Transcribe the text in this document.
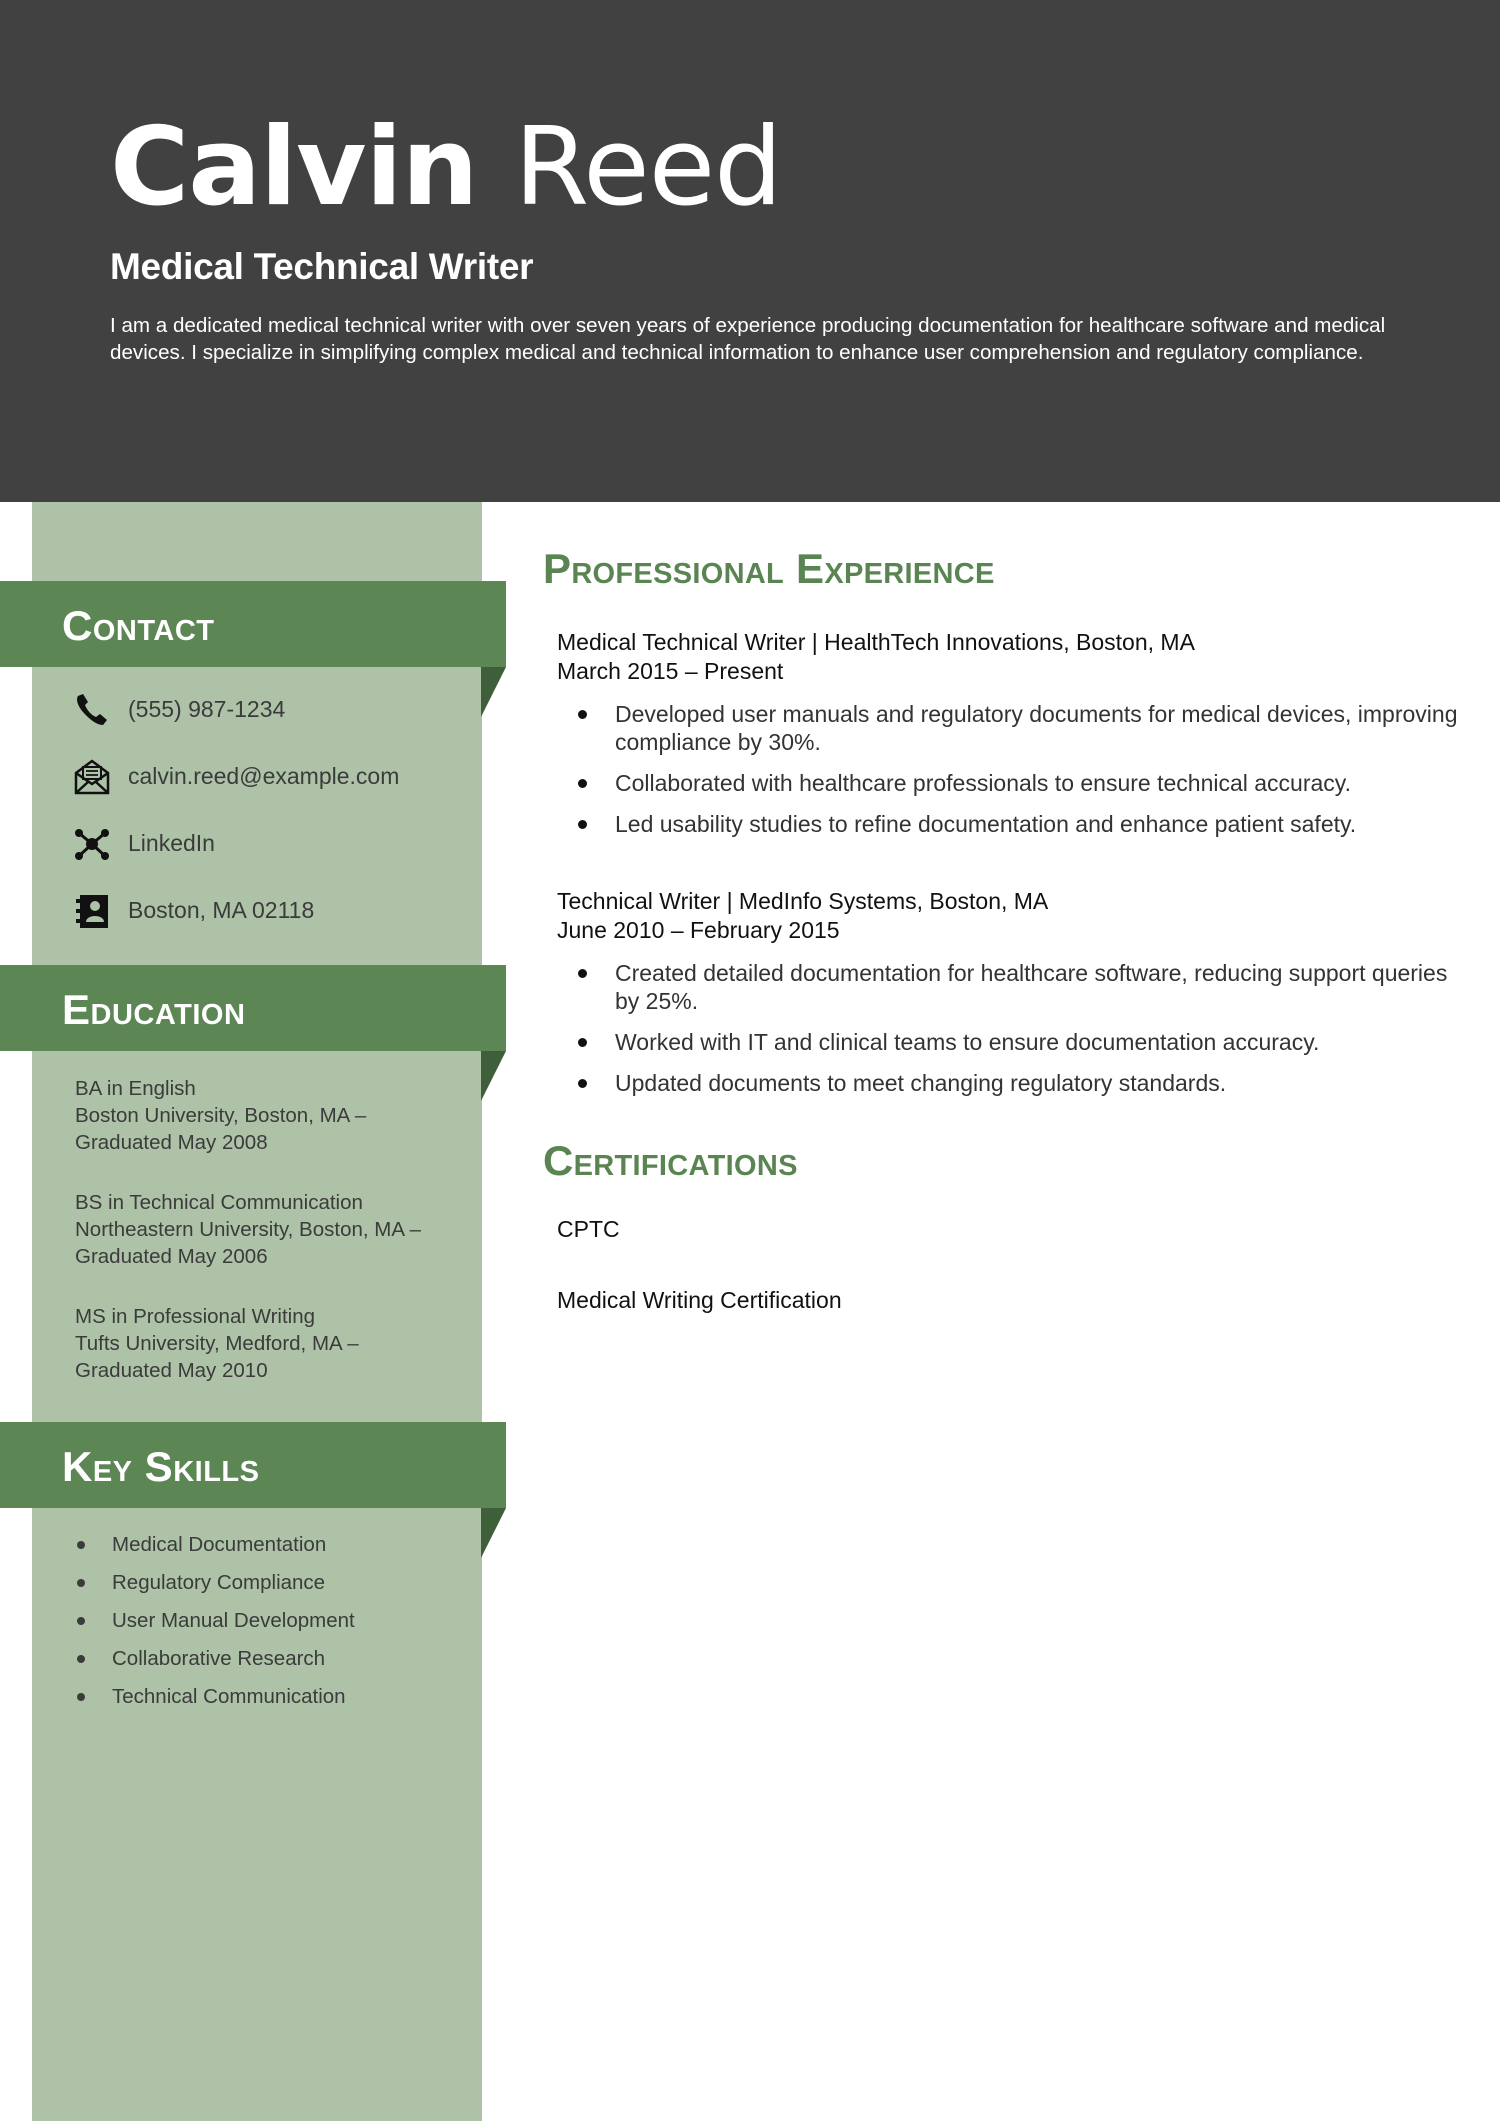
Calvin Reed

Medical Technical Writer

I am a dedicated medical technical writer with over seven years of experience producing documentation for healthcare software and medical devices. I specialize in simplifying complex medical and technical information to enhance user comprehension and regulatory compliance.

Contact
(555) 987-1234
calvin.reed@example.com
LinkedIn
Boston, MA 02118
Education
BA in English
Boston University, Boston, MA –
Graduated May 2008
BS in Technical Communication
Northeastern University, Boston, MA –
Graduated May 2006
MS in Professional Writing
Tufts University, Medford, MA –
Graduated May 2010
Key Skills
Medical Documentation
Regulatory Compliance
User Manual Development
Collaborative Research
Technical Communication
Professional Experience
Medical Technical Writer | HealthTech Innovations, Boston, MA
March 2015 – Present
Developed user manuals and regulatory documents for medical devices, improving compliance by 30%.
Collaborated with healthcare professionals to ensure technical accuracy.
Led usability studies to refine documentation and enhance patient safety.
Technical Writer | MedInfo Systems, Boston, MA
June 2010 – February 2015
Created detailed documentation for healthcare software, reducing support queries by 25%.
Worked with IT and clinical teams to ensure documentation accuracy.
Updated documents to meet changing regulatory standards.
Certifications
CPTC
Medical Writing Certification
